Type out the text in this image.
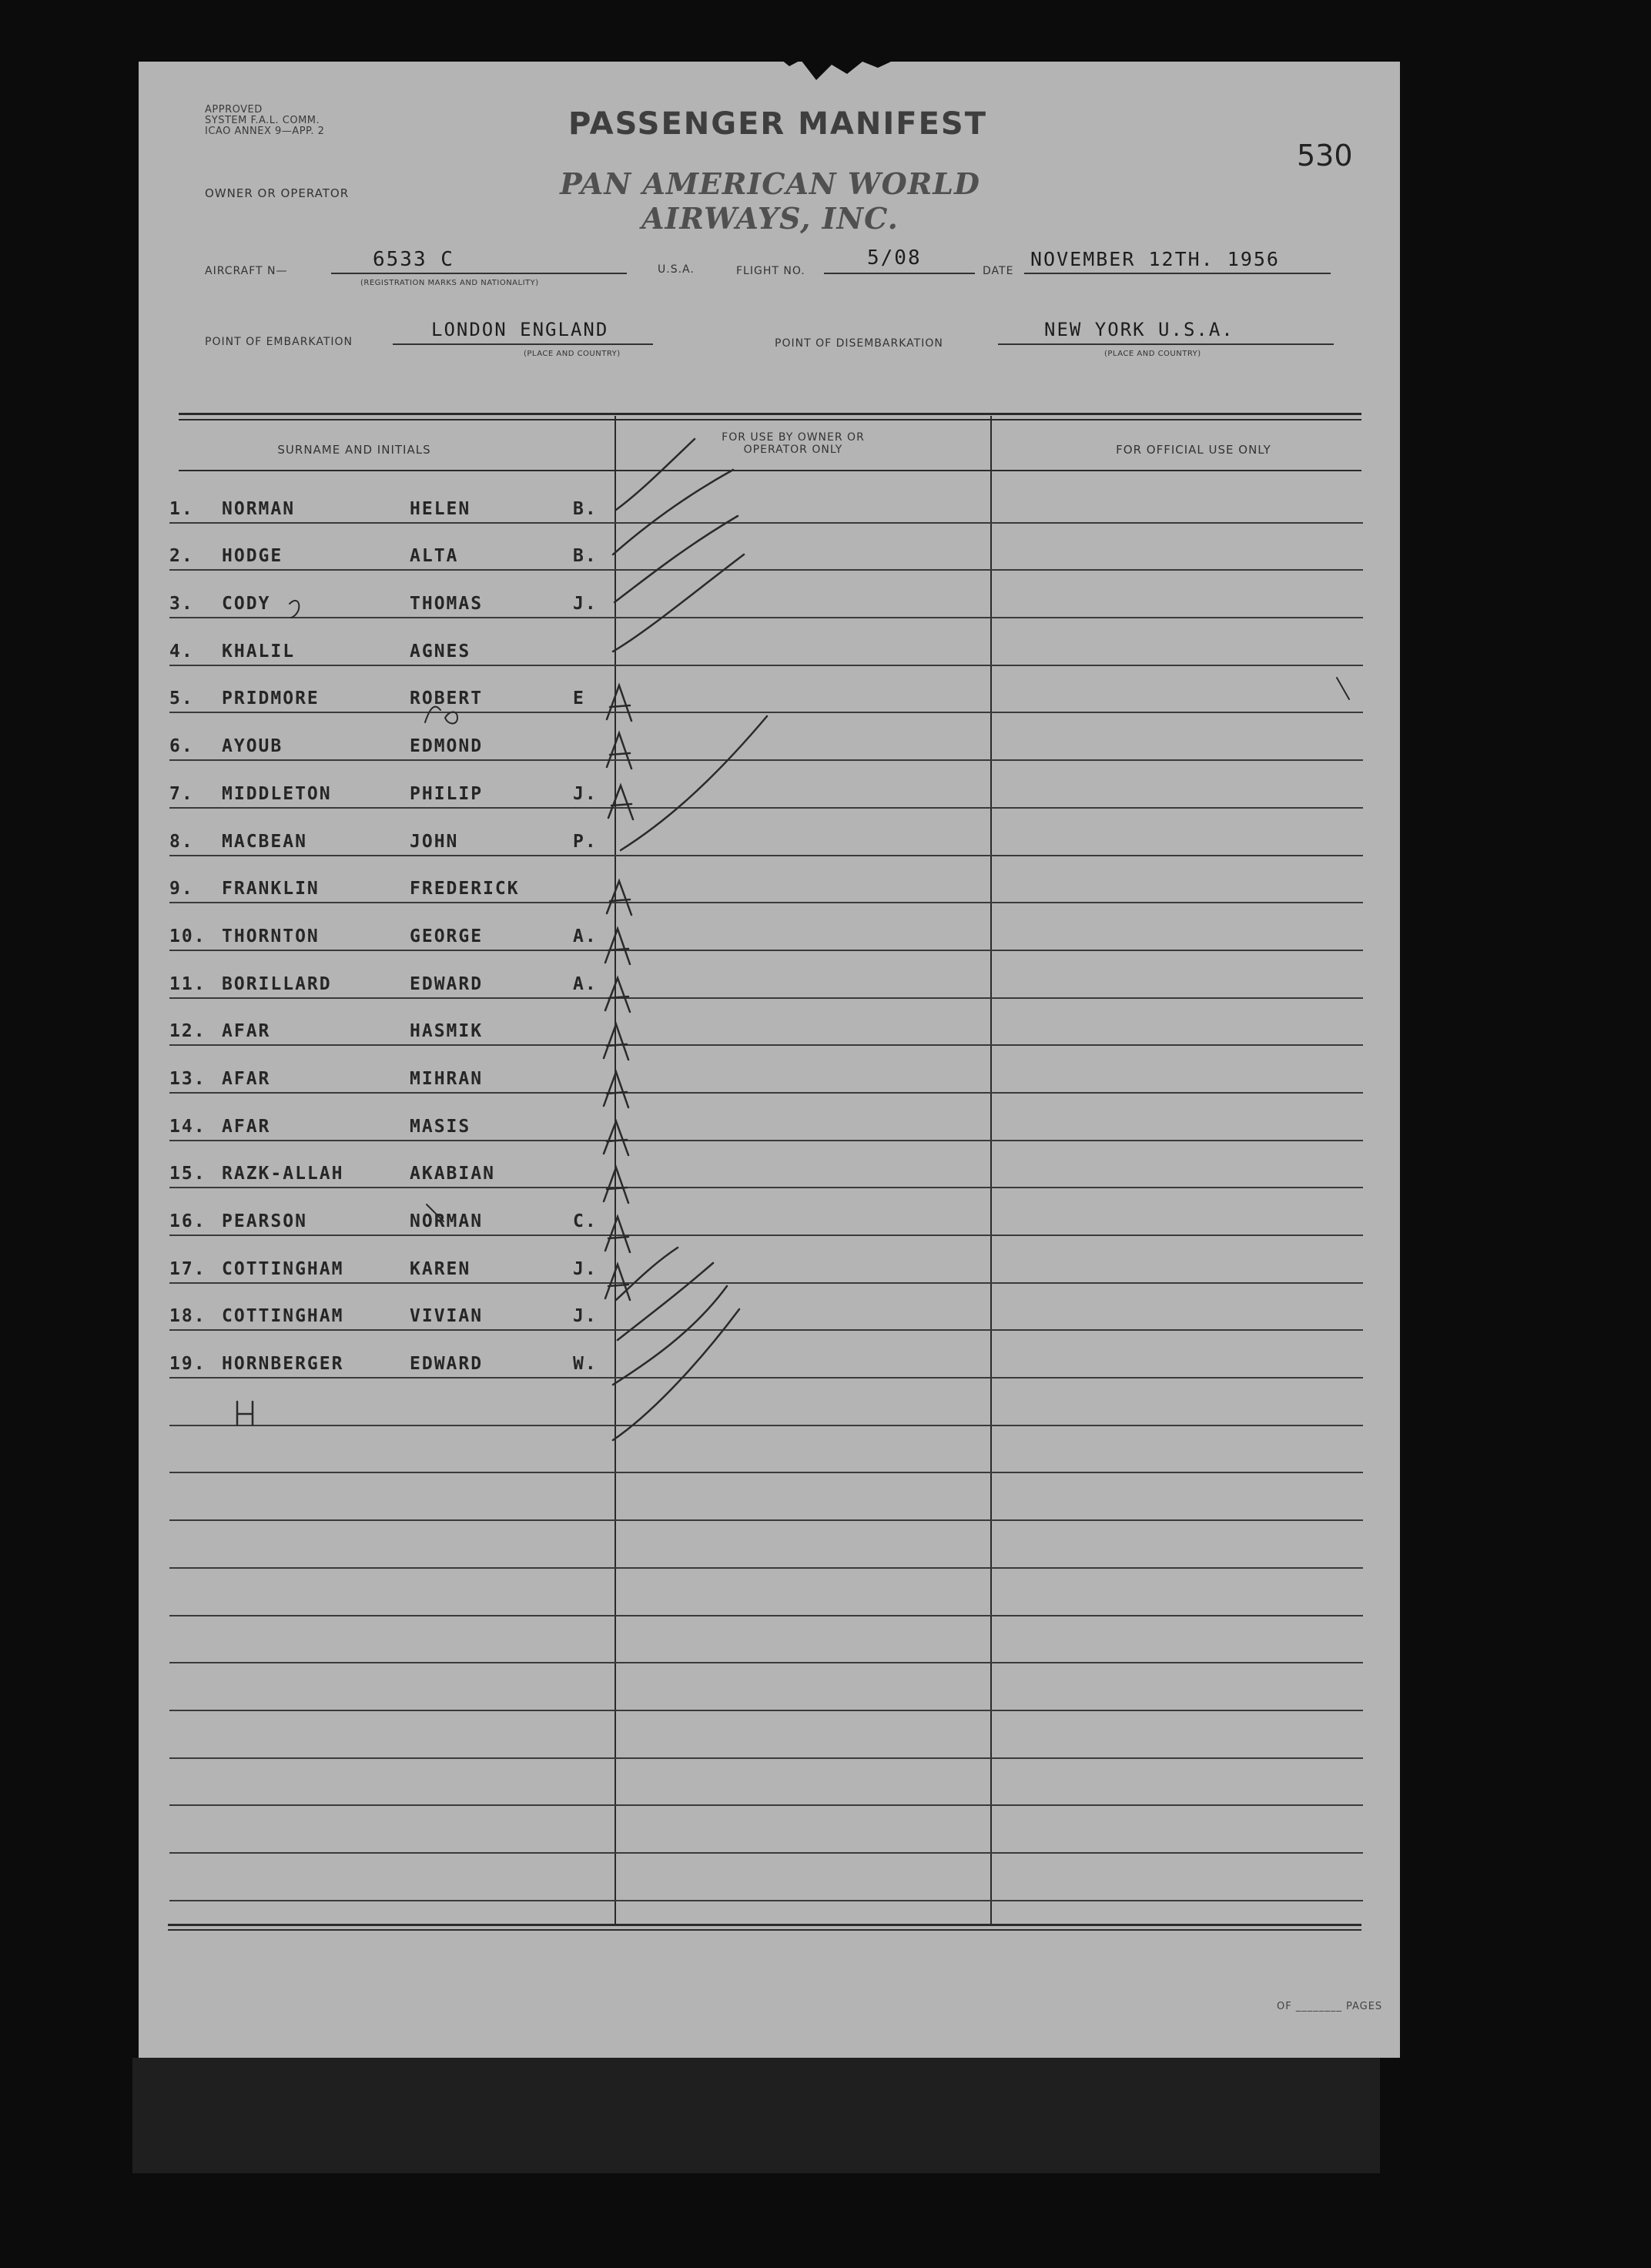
APPROVED
SYSTEM F.A.L. COMM.
ICAO ANNEX 9—APP. 2	PASSENGER MANIFEST
530
OWNER OR OPERATOR	PAN AMERICAN WORLD AIRWAYS, INC.
AIRCRAFT N—	6533 C
(REGISTRATION MARKS AND NATIONALITY)
U.S.A.	FLIGHT NO.
5/08
DATE
NOVEMBER 12TH. 1956
POINT OF EMBARKATION
LONDON ENGLAND
(PLACE AND COUNTRY)
POINT OF DISEMBARKATION
NEW YORK U.S.A.
(PLACE AND COUNTRY)
SURNAME AND INITIALS
FOR USE BY OWNER OR OPERATOR ONLY	FOR OFFICIAL USE ONLY
1 .	NORMAN	HELEN	B.
2 .	HODGE	ALTA	B.
3 .	CODY	THOMAS	J.
4 .	KHALIL	AGNES
5 .	PRIDMORE	ROBERT	E
6 .	AYOUB	EDMOND
7 .	MIDDLETON	PHILIP	J.
8 .	MACBEAN	JOHN	P.
9 .	FRANKLIN	FREDERICK
10 .	THORNTON	GEORGE	A.
11 .	BORILLARD	EDWARD	A.
12 .	AFAR	HASMIK
13 .	AFAR	MIHRAN
14 .	AFAR	MASIS
15 .	RAZK-ALLAH	AKABIAN
16 .	PEARSON	NORMAN	C.
17 .	COTTINGHAM	KAREN	J.
18 .	COTTINGHAM	VIVIAN	J.
19 .	HORNBERGER	EDWARD	W.
OF ________ PAGES
